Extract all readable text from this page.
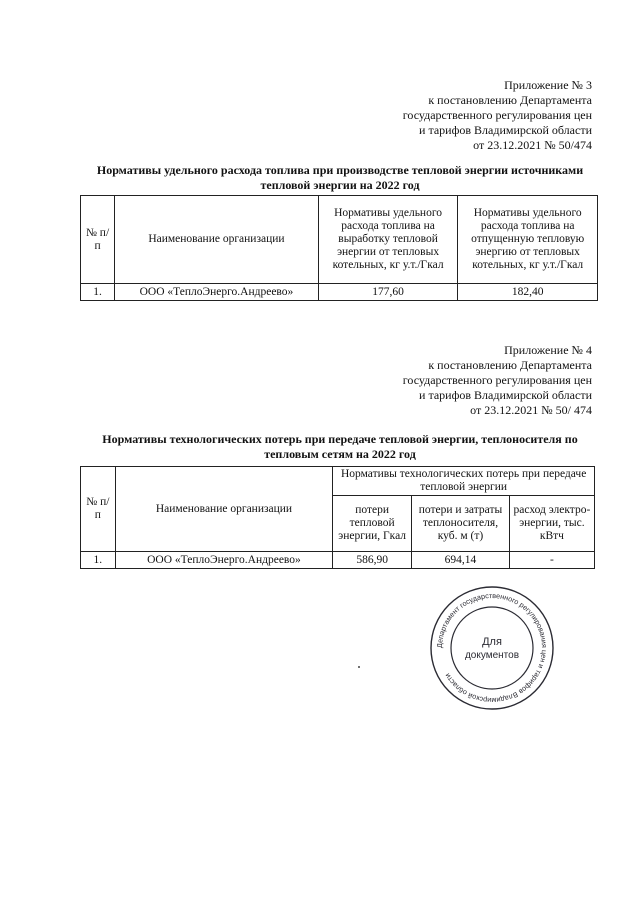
Приложение № 3
к постановлению Департамента
государственного регулирования цен
и тарифов Владимирской области
от 23.12.2021 № 50/474
Нормативы удельного расхода топлива при производстве тепловой энергии источниками
тепловой энергии на 2022 год
№ п/п	Наименование организации	Нормативы удельного расхода топлива на выработку тепловой энергии от тепловых котельных, кг у.т./Гкал	Нормативы удельного расхода топлива на отпущенную тепловую энергию от тепловых котельных, кг у.т./Гкал
1.	ООО «ТеплоЭнерго.Андреево»	177,60	182,40
Приложение № 4
к постановлению Департамента
государственного регулирования цен
и тарифов Владимирской области
от 23.12.2021 № 50/ 474
Нормативы технологических потерь при передаче тепловой энергии, теплоносителя по
тепловым сетям на 2022 год
№ п/п	Наименование организации	Нормативы технологических потерь при передаче тепловой энергии		
		потери тепловой энергии, Гкал	потери и затраты теплоносителя, куб. м (т)	расход электро-энергии, тыс. кВтч
1.	ООО «ТеплоЭнерго.Андреево»	586,90	694,14	-
Департамент государственного регулирования цен и тарифов Владимирской области
Для
документов
